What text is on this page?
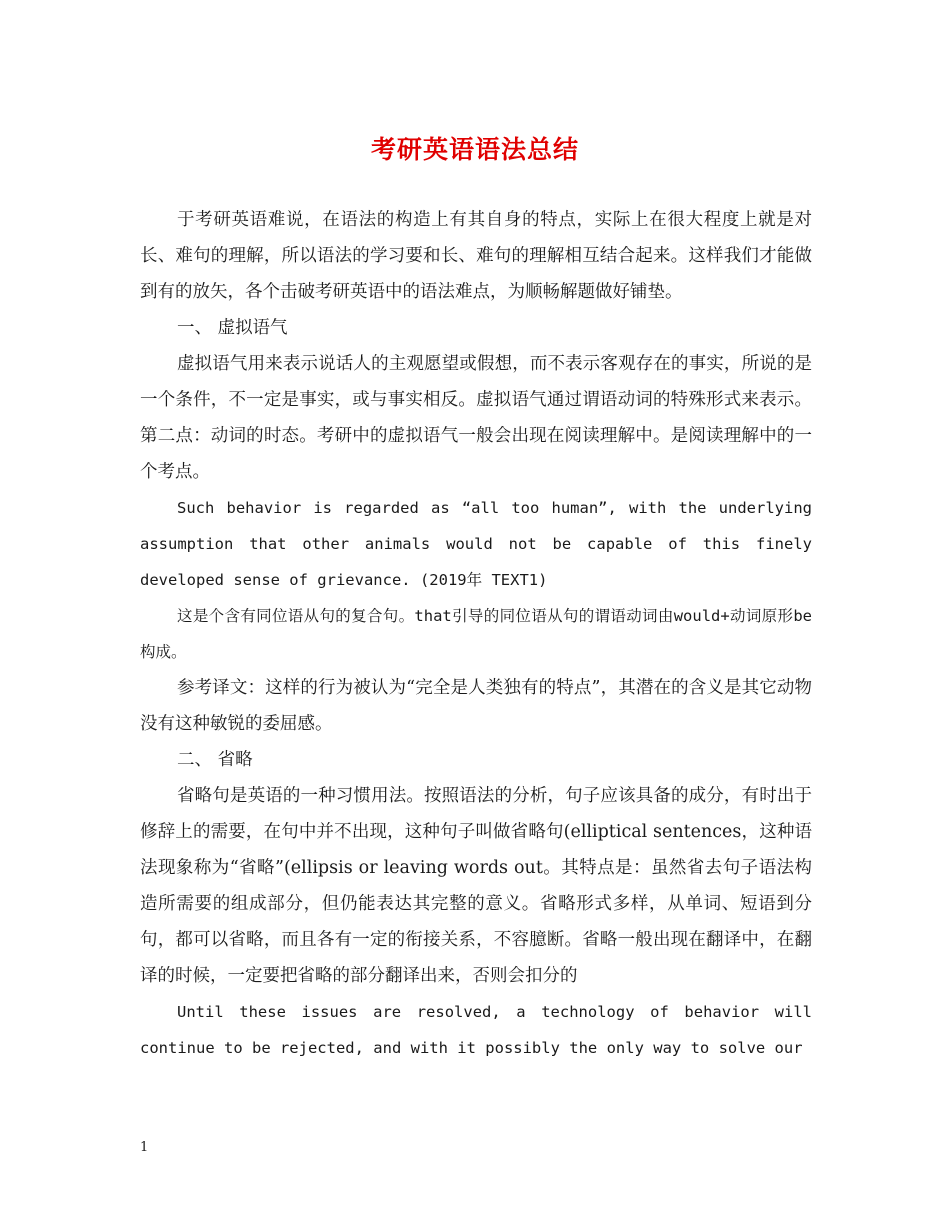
考研英语语法总结

于考研英语难说，在语法的构造上有其自身的特点，实际上在很大程度上就是对长、难句的理解，所以语法的学习要和长、难句的理解相互结合起来。这样我们才能做到有的放矢，各个击破考研英语中的语法难点，为顺畅解题做好铺垫。

一、 虚拟语气

虚拟语气用来表示说话人的主观愿望或假想，而不表示客观存在的事实，所说的是一个条件，不一定是事实，或与事实相反。虚拟语气通过谓语动词的特殊形式来表示。第二点：动词的时态。考研中的虚拟语气一般会出现在阅读理解中。是阅读理解中的一个考点。

Such behavior is regarded as “all too human”, with the underlying assumption that other animals would not be capable of this finely developed sense of grievance. (2019年 TEXT1)

这是个含有同位语从句的复合句。that引导的同位语从句的谓语动词由would+动词原形be构成。

参考译文：这样的行为被认为“完全是人类独有的特点”，其潜在的含义是其它动物没有这种敏锐的委屈感。

二、 省略

省略句是英语的一种习惯用法。按照语法的分析，句子应该具备的成分，有时出于修辞上的需要，在句中并不出现，这种句子叫做省略句(elliptical sentences，这种语法现象称为“省略”(ellipsis or leaving words out。其特点是：虽然省去句子语法构造所需要的组成部分，但仍能表达其完整的意义。省略形式多样，从单词、短语到分句，都可以省略，而且各有一定的衔接关系，不容臆断。省略一般出现在翻译中，在翻译的时候，一定要把省略的部分翻译出来，否则会扣分的

Until these issues are resolved, a technology of behavior will continue to be rejected, and with it possibly the only way to solve our

1
